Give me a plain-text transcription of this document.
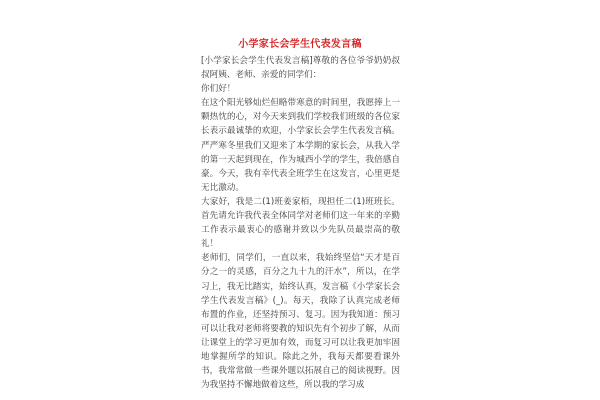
小学家长会学生代表发言稿

[小学家长会学生代表发言稿]尊敬的各位爷爷奶奶叔叔阿姨、老师、亲爱的同学们：

你们好！

在这个阳光够灿烂但略带寒意的时间里，我愿捧上一颗热忱的心，对今天来到我们学校我们班级的各位家长表示最诚挚的欢迎，小学家长会学生代表发言稿。严严寒冬里我们又迎来了本学期的家长会，从我入学的第一天起到现在，作为城西小学的学生，我倍感自豪。今天，我有幸代表全班学生在这发言，心里更是无比激动。

大家好，我是二(1)班姜家栢，现担任二(1)班班长。首先请允许我代表全体同学对老师们这一年来的辛勤工作表示最衷心的感谢并致以少先队员最崇高的敬礼！

老师们，同学们，一直以来，我始终坚信“天才是百分之一的灵感，百分之九十九的汗水”，所以，在学习上，我无比踏实，始终认真，发言稿《小学家长会学生代表发言稿》(_)。每天，我除了认真完成老师布置的作业，还坚持预习、复习。因为我知道：预习可以让我对老师将要教的知识先有个初步了解，从而让课堂上的学习更加有效，而复习可以让我更加牢固地掌握所学的知识。除此之外，我每天都要看课外书，我常常做一些课外题以拓展自己的阅读视野。因为我坚持不懈地做着这些，所以我的学习成
